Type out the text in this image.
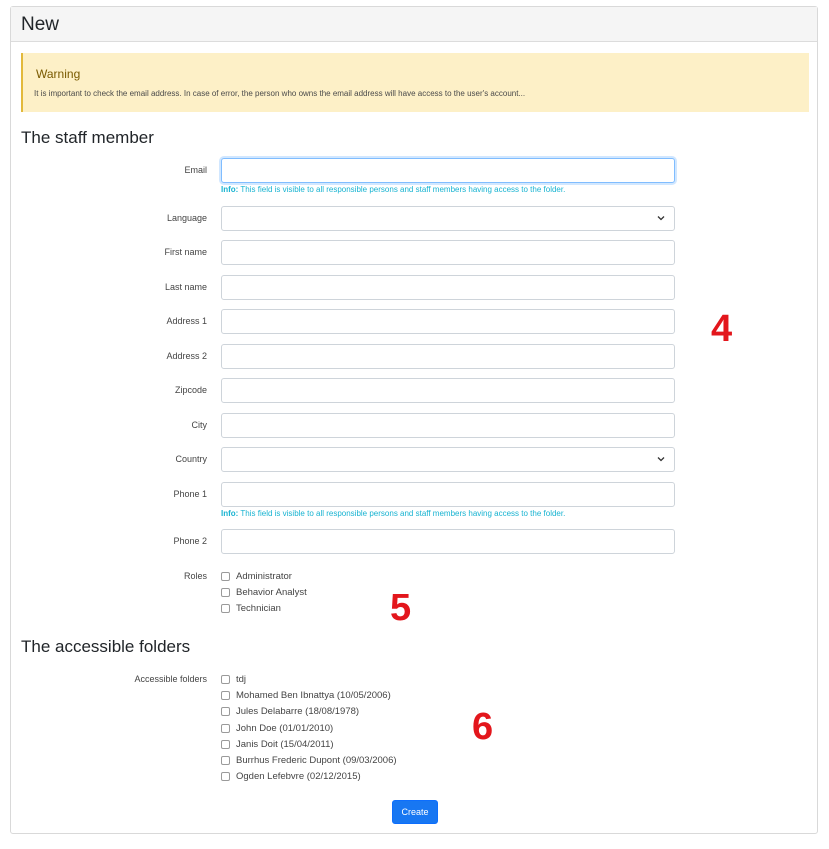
New
Warning
It is important to check the email address. In case of error, the person who owns the email address will have access to the user's account...
The staff member
Email
Info: This field is visible to all responsible persons and staff members having access to the folder.
Language
First name
Last name
Address 1
Address 2
Zipcode
City
Country
Phone 1
Info: This field is visible to all responsible persons and staff members having access to the folder.
Phone 2
Roles	Administrator
Behavior Analyst
Technician
The accessible folders
Accessible folders	tdj
Mohamed Ben Ibnattya (10/05/2006)
Jules Delabarre (18/08/1978)
John Doe (01/01/2010)
Janis Doit (15/04/2011)
Burrhus Frederic Dupont (09/03/2006)
Ogden Lefebvre (02/12/2015)
Create
4
5
6
